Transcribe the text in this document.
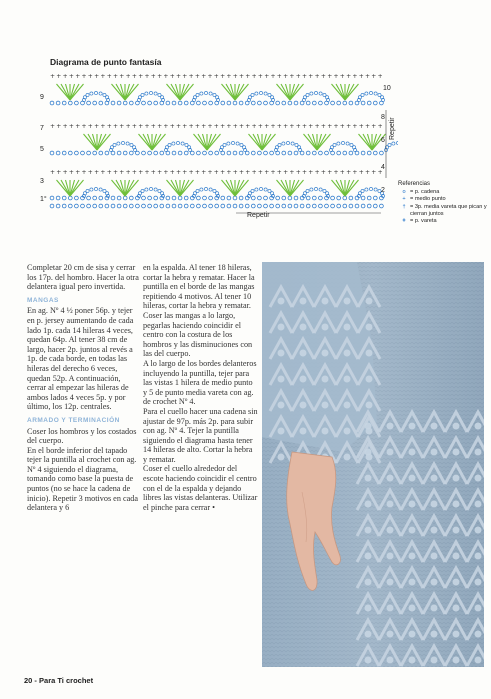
Diagrama de punto fantasía
+ + + + + + + + + + + + + + + + + + + + + + + + + + + + + + + + + + + + + + + + + + + + + + + + + + + + +
+ + + + + + + + + + + + + + + + + + + + + + + + + + + + + + + + + + + + + + + + + + + + + + + + + + + + +
+ + + + + + + + + + + + + + + + + + + + + + + + + + + + + + + + + + + + + + + + + + + + + + + + + + + + +
9
7
5
3
1°
10
8
6
4
2
Repetir
Repetir
Referencias
o = p. cadena
+ = medio punto
† = 3p. media vareta que pican y cierran juntos
ǂ = p. vareta

Completar 20 cm de sisa y cerrar los 17p. del hombro. Hacer la otra delantera igual pero invertida.

MANGAS

En ag. Nº 4 ½ poner 56p. y tejer en p. jersey aumentando de cada lado 1p. cada 14 hileras 4 veces, quedan 64p. Al tener 38 cm de largo, hacer 2p. juntos al revés a 1p. de cada borde, en todas las hileras del derecho 6 veces, quedan 52p. A continuación, cerrar al empezar las hileras de ambos lados 4 veces 5p. y por último, los 12p. centrales.

ARMADO Y TERMINACIÓN

Coser los hombros y los costados del cuerpo.

En el borde inferior del tapado tejer la puntilla al crochet con ag. Nº 4 siguiendo el diagrama, tomando como base la puesta de puntos (no se hace la cadena de inicio). Repetir 3 motivos en cada delantera y 6

en la espalda. Al tener 18 hileras, cortar la hebra y rematar. Hacer la puntilla en el borde de las mangas repitiendo 4 motivos. Al tener 10 hileras, cortar la hebra y rematar. Coser las mangas a lo largo, pegarlas haciendo coincidir el centro con la costura de los hombros y las disminuciones con las del cuerpo.

A lo largo de los bordes delanteros incluyendo la puntilla, tejer para las vistas 1 hilera de medio punto y 5 de punto media vareta con ag. de crochet Nº 4.

Para el cuello hacer una cadena sin ajustar de 97p. más 2p. para subir con ag. Nº 4. Tejer la puntilla siguiendo el diagrama hasta tener 14 hileras de alto. Cortar la hebra y rematar.

Coser el cuello alrededor del escote haciendo coincidir el centro con el de la espalda y dejando libres las vistas delanteras. Utilizar el pinche para cerrar •

20 - Para Ti crochet
